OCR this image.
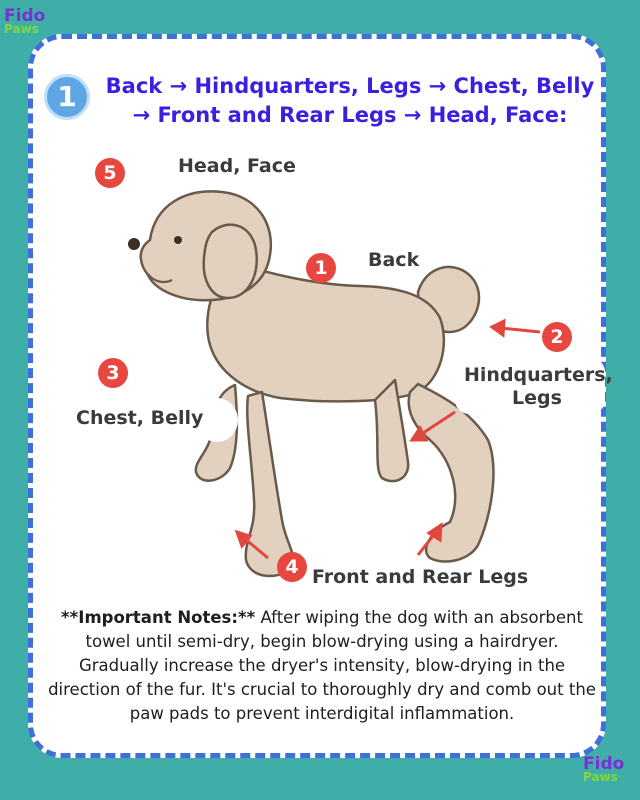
Fido
Paws
1	Back → Hindquarters, Legs → Chest, Belly
→ Front and Rear Legs → Head, Face:
5	Head, Face
1	Back
2
Hindquarters,
Legs
3
Chest, Belly
4 Front and Rear Legs
**Important Notes:** After wiping the dog with an absorbent towel until semi-dry, begin blow-drying using a hairdryer. Gradually increase the dryer's intensity, blow-drying in the direction of the fur. It's crucial to thoroughly dry and comb out the paw pads to prevent interdigital inflammation.
Fido
Paws
